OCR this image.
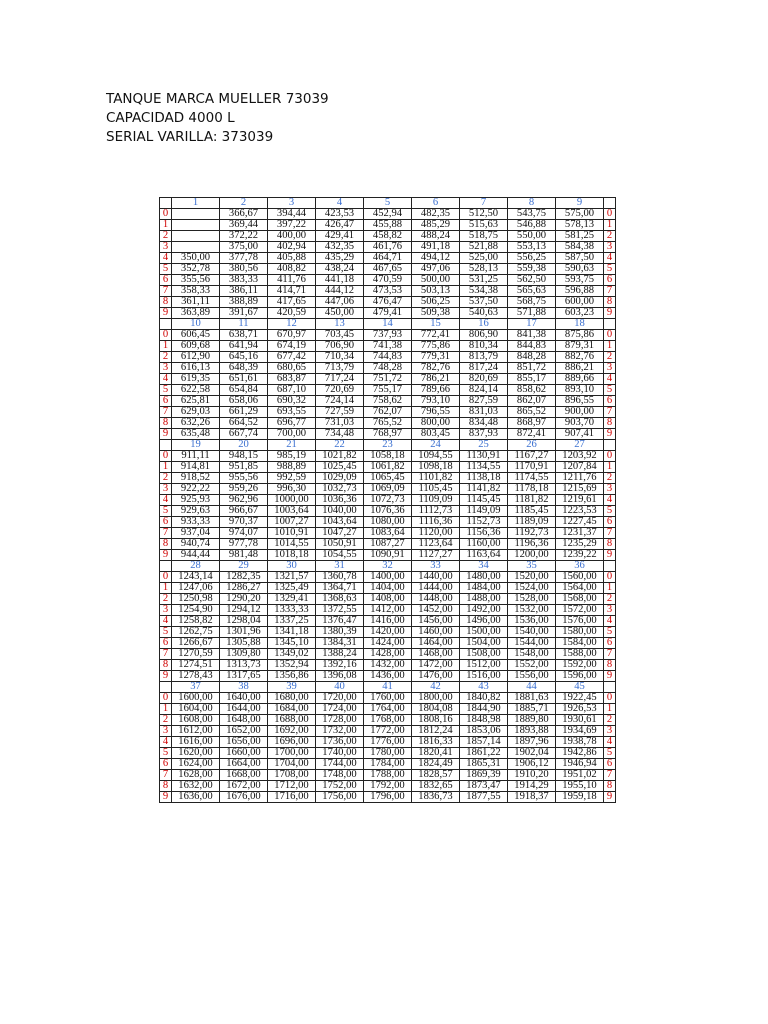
TANQUE MARCA MUELLER 73039
CAPACIDAD 4000 L
SERIAL VARILLA: 373039
	1	2	3	4	5	6	7	8	9	
0		366,67	394,44	423,53	452,94	482,35	512,50	543,75	575,00	0
1		369,44	397,22	426,47	455,88	485,29	515,63	546,88	578,13	1
2		372,22	400,00	429,41	458,82	488,24	518,75	550,00	581,25	2
3		375,00	402,94	432,35	461,76	491,18	521,88	553,13	584,38	3
4	350,00	377,78	405,88	435,29	464,71	494,12	525,00	556,25	587,50	4
5	352,78	380,56	408,82	438,24	467,65	497,06	528,13	559,38	590,63	5
6	355,56	383,33	411,76	441,18	470,59	500,00	531,25	562,50	593,75	6
7	358,33	386,11	414,71	444,12	473,53	503,13	534,38	565,63	596,88	7
8	361,11	388,89	417,65	447,06	476,47	506,25	537,50	568,75	600,00	8
9	363,89	391,67	420,59	450,00	479,41	509,38	540,63	571,88	603,23	9
	10	11	12	13	14	15	16	17	18	
0	606,45	638,71	670,97	703,45	737,93	772,41	806,90	841,38	875,86	0
1	609,68	641,94	674,19	706,90	741,38	775,86	810,34	844,83	879,31	1
2	612,90	645,16	677,42	710,34	744,83	779,31	813,79	848,28	882,76	2
3	616,13	648,39	680,65	713,79	748,28	782,76	817,24	851,72	886,21	3
4	619,35	651,61	683,87	717,24	751,72	786,21	820,69	855,17	889,66	4
5	622,58	654,84	687,10	720,69	755,17	789,66	824,14	858,62	893,10	5
6	625,81	658,06	690,32	724,14	758,62	793,10	827,59	862,07	896,55	6
7	629,03	661,29	693,55	727,59	762,07	796,55	831,03	865,52	900,00	7
8	632,26	664,52	696,77	731,03	765,52	800,00	834,48	868,97	903,70	8
9	635,48	667,74	700,00	734,48	768,97	803,45	837,93	872,41	907,41	9
	19	20	21	22	23	24	25	26	27	
0	911,11	948,15	985,19	1021,82	1058,18	1094,55	1130,91	1167,27	1203,92	0
1	914,81	951,85	988,89	1025,45	1061,82	1098,18	1134,55	1170,91	1207,84	1
2	918,52	955,56	992,59	1029,09	1065,45	1101,82	1138,18	1174,55	1211,76	2
3	922,22	959,26	996,30	1032,73	1069,09	1105,45	1141,82	1178,18	1215,69	3
4	925,93	962,96	1000,00	1036,36	1072,73	1109,09	1145,45	1181,82	1219,61	4
5	929,63	966,67	1003,64	1040,00	1076,36	1112,73	1149,09	1185,45	1223,53	5
6	933,33	970,37	1007,27	1043,64	1080,00	1116,36	1152,73	1189,09	1227,45	6
7	937,04	974,07	1010,91	1047,27	1083,64	1120,00	1156,36	1192,73	1231,37	7
8	940,74	977,78	1014,55	1050,91	1087,27	1123,64	1160,00	1196,36	1235,29	8
9	944,44	981,48	1018,18	1054,55	1090,91	1127,27	1163,64	1200,00	1239,22	9
	28	29	30	31	32	33	34	35	36	
0	1243,14	1282,35	1321,57	1360,78	1400,00	1440,00	1480,00	1520,00	1560,00	0
1	1247,06	1286,27	1325,49	1364,71	1404,00	1444,00	1484,00	1524,00	1564,00	1
2	1250,98	1290,20	1329,41	1368,63	1408,00	1448,00	1488,00	1528,00	1568,00	2
3	1254,90	1294,12	1333,33	1372,55	1412,00	1452,00	1492,00	1532,00	1572,00	3
4	1258,82	1298,04	1337,25	1376,47	1416,00	1456,00	1496,00	1536,00	1576,00	4
5	1262,75	1301,96	1341,18	1380,39	1420,00	1460,00	1500,00	1540,00	1580,00	5
6	1266,67	1305,88	1345,10	1384,31	1424,00	1464,00	1504,00	1544,00	1584,00	6
7	1270,59	1309,80	1349,02	1388,24	1428,00	1468,00	1508,00	1548,00	1588,00	7
8	1274,51	1313,73	1352,94	1392,16	1432,00	1472,00	1512,00	1552,00	1592,00	8
9	1278,43	1317,65	1356,86	1396,08	1436,00	1476,00	1516,00	1556,00	1596,00	9
	37	38	39	40	41	42	43	44	45	
0	1600,00	1640,00	1680,00	1720,00	1760,00	1800,00	1840,82	1881,63	1922,45	0
1	1604,00	1644,00	1684,00	1724,00	1764,00	1804,08	1844,90	1885,71	1926,53	1
2	1608,00	1648,00	1688,00	1728,00	1768,00	1808,16	1848,98	1889,80	1930,61	2
3	1612,00	1652,00	1692,00	1732,00	1772,00	1812,24	1853,06	1893,88	1934,69	3
4	1616,00	1656,00	1696,00	1736,00	1776,00	1816,33	1857,14	1897,96	1938,78	4
5	1620,00	1660,00	1700,00	1740,00	1780,00	1820,41	1861,22	1902,04	1942,86	5
6	1624,00	1664,00	1704,00	1744,00	1784,00	1824,49	1865,31	1906,12	1946,94	6
7	1628,00	1668,00	1708,00	1748,00	1788,00	1828,57	1869,39	1910,20	1951,02	7
8	1632,00	1672,00	1712,00	1752,00	1792,00	1832,65	1873,47	1914,29	1955,10	8
9	1636,00	1676,00	1716,00	1756,00	1796,00	1836,73	1877,55	1918,37	1959,18	9
